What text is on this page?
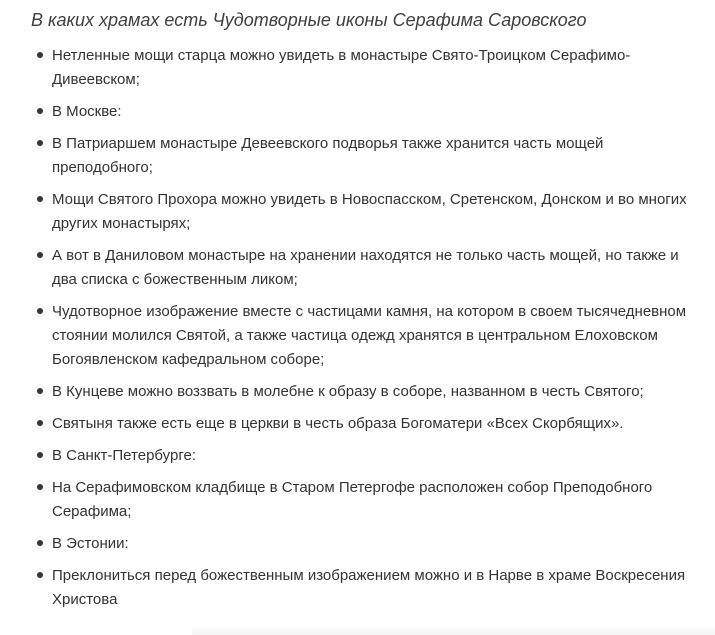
В каких храмах есть Чудотворные иконы Серафима Саровского
Нетленные мощи старца можно увидеть в монастыре Свято-Троицком Серафимо-Дивеевском;
В Москве:
В Патриаршем монастыре Девеевского подворья также хранится часть мощей преподобного;
Мощи Святого Прохора можно увидеть в Новоспасском, Сретенском, Донском и во многих других монастырях;
А вот в Даниловом монастыре на хранении находятся не только часть мощей, но также и два списка с божественным ликом;
Чудотворное изображение вместе с частицами камня, на котором в своем тысячедневном стоянии молился Святой, а также частица одежд хранятся в центральном Елоховском Богоявленском кафедральном соборе;
В Кунцеве можно воззвать в молебне к образу в соборе, названном в честь Святого;
Святыня также есть еще в церкви в честь образа Богоматери «Всех Скорбящих».
В Санкт-Петербурге:
На Серафимовском кладбище в Старом Петергофе расположен собор Преподобного Серафима;
В Эстонии:
Преклониться перед божественным изображением можно и в Нарве в храме Воскресения Христова
